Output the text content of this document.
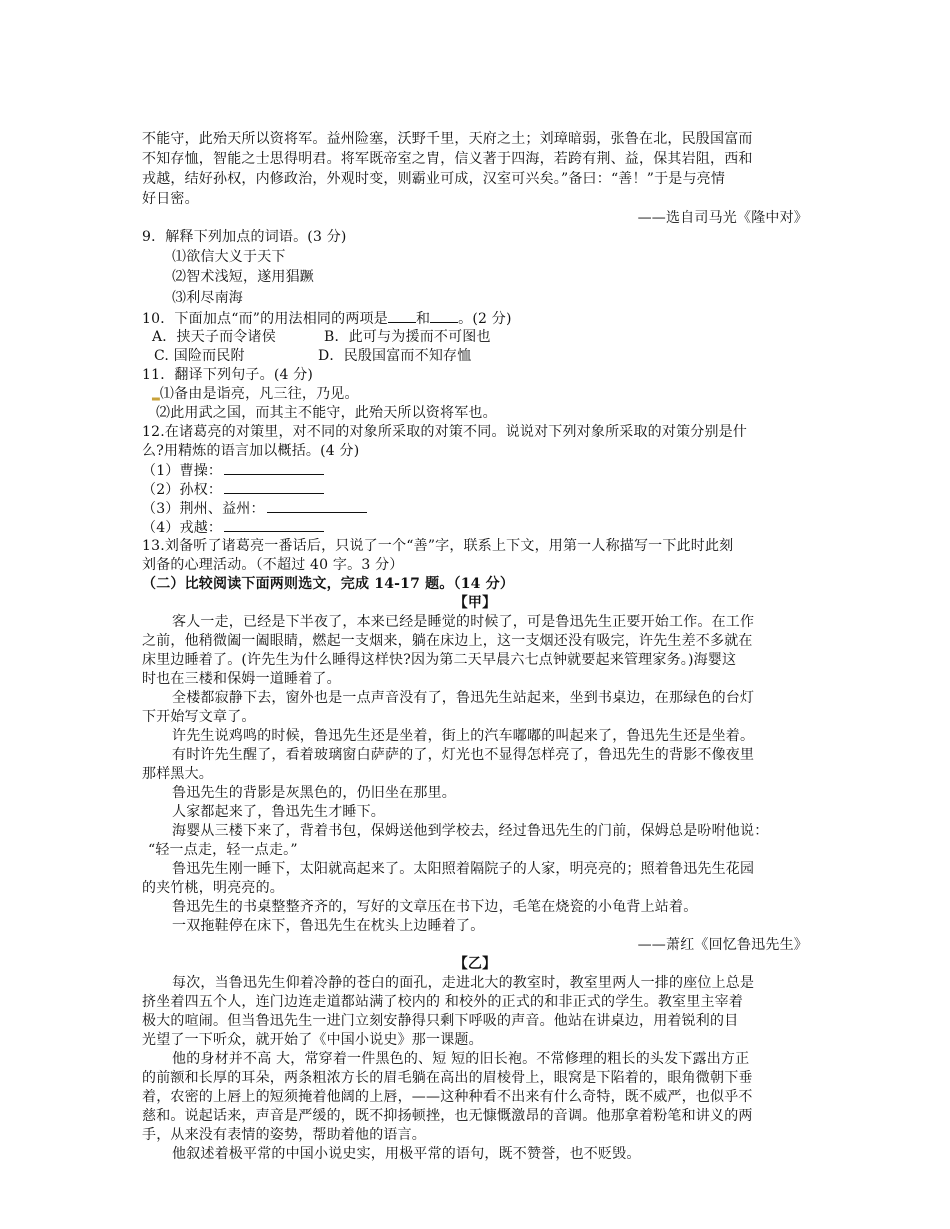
不能守，此殆天所以资将军。益州险塞，沃野千里，天府之土；刘璋暗弱，张鲁在北，民殷国富而
不知存恤，智能之士思得明君。将军既帝室之胄，信义著于四海，若跨有荆、益，保其岩阻，西和
戎越，结好孙权，内修政治，外观时变，则霸业可成，汉室可兴矣。”备曰：“善！”于是与亮情
好日密。
——选自司马光《隆中对》
9．解释下列加点的词语。(3 分)
⑴欲信大义于天下
⑵智术浅短，遂用猖蹶
⑶利尽南海
10．下面加点“而”的用法相同的两项是 和 。(2 分)
A．挟天子而令诸侯	B．此可与为援而不可图也
C. 国险而民附	D．民殷国富而不知存恤
11．翻译下列句子。(4 分)
▂⑴备由是诣亮，凡三往，乃见。
⑵此用武之国，而其主不能守，此殆天所以资将军也。
12.在诸葛亮的对策里，对不同的对象所采取的对策不同。说说对下列对象所采取的对策分别是什
么?用精炼的语言加以概括。(4 分)
（1）曹操：
（2）孙权：
（3）荆州、益州：
（4）戎越：
13.刘备听了诸葛亮一番话后，只说了一个“善”字，联系上下文，用第一人称描写一下此时此刻
刘备的心理活动。（不超过 40 字。3 分）
（二）比较阅读下面两则选文，完成 14-17 题。（14 分）
【甲】
客人一走，已经是下半夜了，本来已经是睡觉的时候了，可是鲁迅先生正要开始工作。在工作
之前，他稍微阖一阖眼睛，燃起一支烟来，躺在床边上，这一支烟还没有吸完，许先生差不多就在
床里边睡着了。(许先生为什么睡得这样快?因为第二天早晨六七点钟就要起来管理家务。)海婴这
时也在三楼和保姆一道睡着了。
全楼都寂静下去，窗外也是一点声音没有了，鲁迅先生站起来，坐到书桌边，在那绿色的台灯
下开始写文章了。
许先生说鸡鸣的时候，鲁迅先生还是坐着，街上的汽车嘟嘟的叫起来了，鲁迅先生还是坐着。
有时许先生醒了，看着玻璃窗白萨萨的了，灯光也不显得怎样亮了，鲁迅先生的背影不像夜里
那样黑大。
鲁迅先生的背影是灰黑色的，仍旧坐在那里。
人家都起来了，鲁迅先生才睡下。
海婴从三楼下来了，背着书包，保姆送他到学校去，经过鲁迅先生的门前，保姆总是吩咐他说：
“轻一点走，轻一点走。”
鲁迅先生刚一睡下，太阳就高起来了。太阳照着隔院子的人家，明亮亮的；照着鲁迅先生花园
的夹竹桃，明亮亮的。
鲁迅先生的书桌整整齐齐的，写好的文章压在书下边，毛笔在烧瓷的小龟背上站着。
一双拖鞋停在床下，鲁迅先生在枕头上边睡着了。
——萧红《回忆鲁迅先生》
【乙】
每次，当鲁迅先生仰着冷静的苍白的面孔，走进北大的教室时，教室里两人一排的座位上总是
挤坐着四五个人，连门边连走道都站满了校内的 和校外的正式的和非正式的学生。教室里主宰着
极大的喧闹。但当鲁迅先生一进门立刻安静得只剩下呼吸的声音。他站在讲桌边，用着锐利的目
光望了一下听众，就开始了《中国小说史》那一课题。
他的身材并不高 大，常穿着一件黑色的、短 短的旧长袍。不常修理的粗长的头发下露出方正
的前额和长厚的耳朵，两条粗浓方长的眉毛躺在高出的眉棱骨上，眼窝是下陷着的，眼角微朝下垂
着，农密的上唇上的短须掩着他阔的上唇，——这种种看不出来有什么奇特，既不威严，也似乎不
慈和。说起话来，声音是严缓的，既不抑扬顿挫，也无慷慨激昂的音调。他那拿着粉笔和讲义的两
手，从来没有表情的姿势，帮助着他的语言。
他叙述着极平常的中国小说史实，用极平常的语句，既不赞誉，也不贬毁。
